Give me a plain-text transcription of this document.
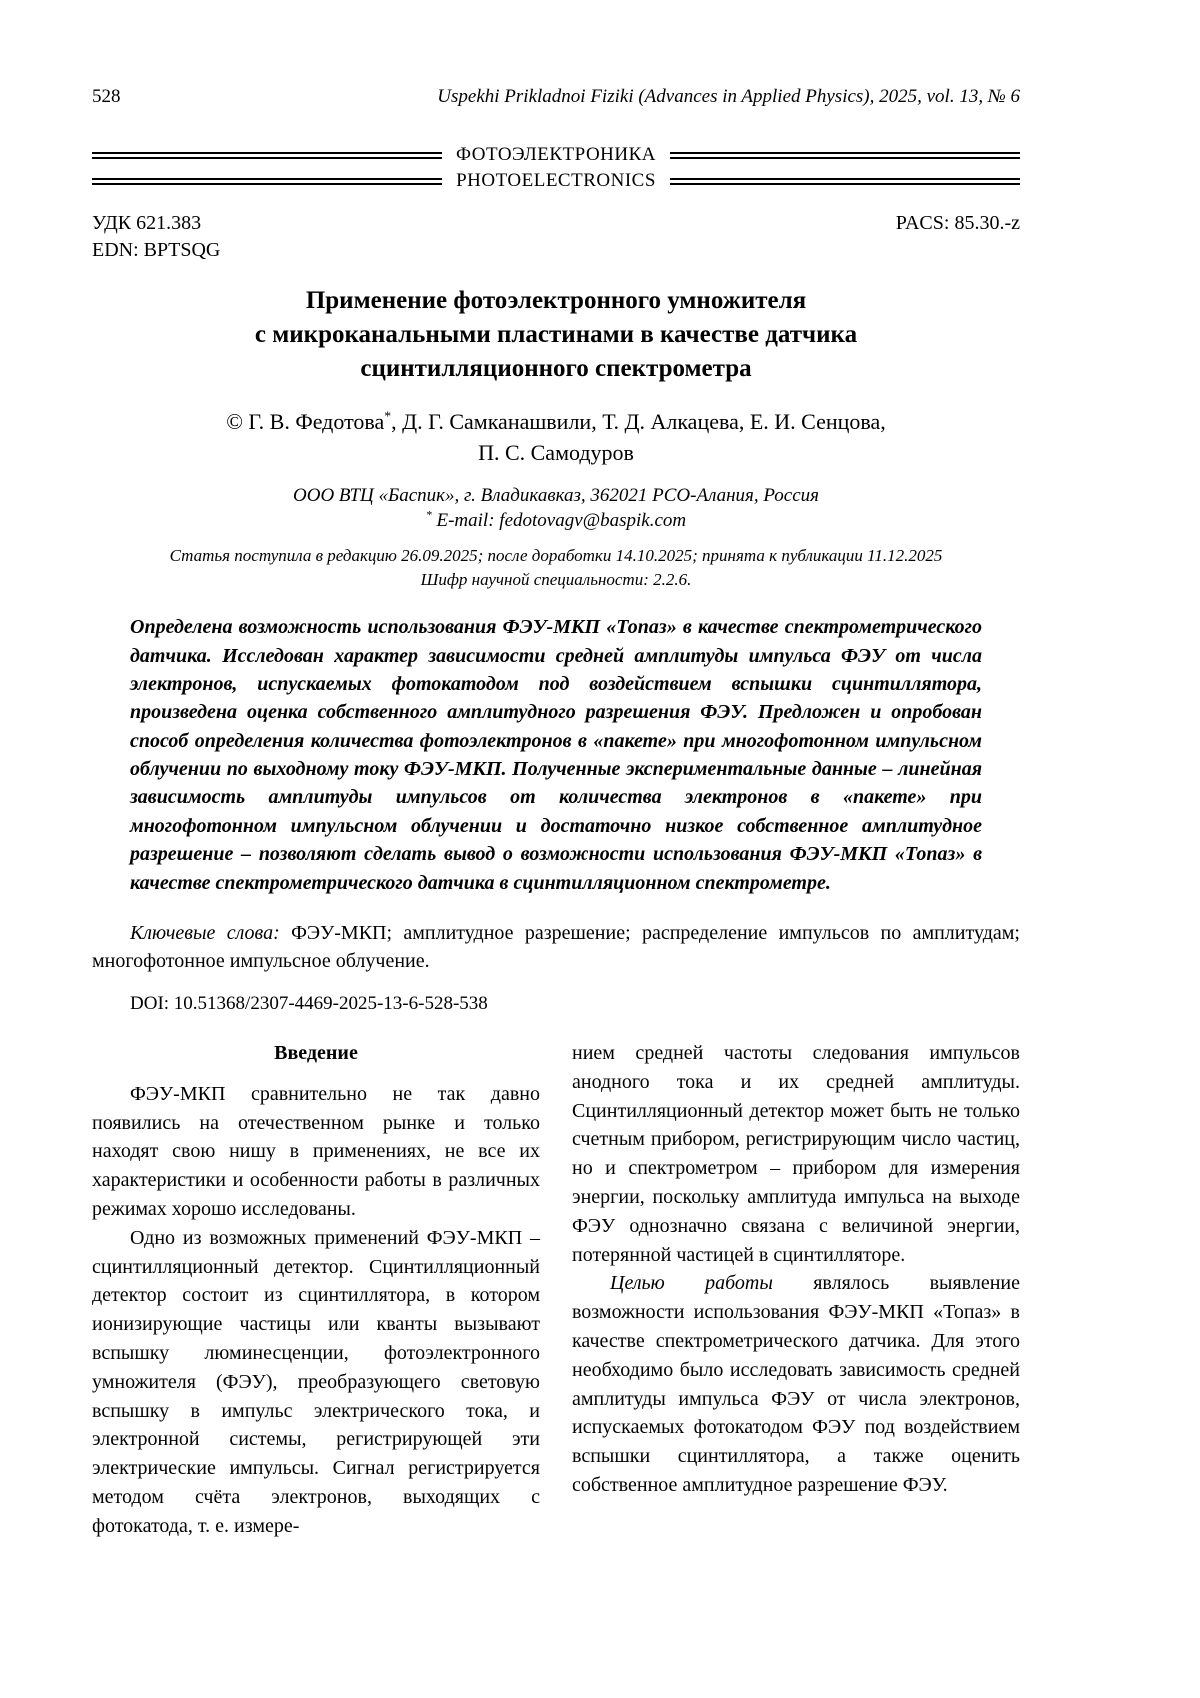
528	Uspekhi Prikladnoi Fiziki (Advances in Applied Physics), 2025, vol. 13, № 6
ФОТОЭЛЕКТРОНИКА
PHOTOELECTRONICS
УДК 621.383
EDN: BPTSQG
PACS: 85.30.-z
Применение фотоэлектронного умножителя
с микроканальными пластинами в качестве датчика
сцинтилляционного спектрометра
© Г. В. Федотова*, Д. Г. Самканашвили, Т. Д. Алкацева, Е. И. Сенцова,
П. С. Самодуров
ООО ВТЦ «Баспик», г. Владикавказ, 362021 РСО-Алания, Россия
* E-mail: fedotovagv@baspik.com
Статья поступила в редакцию 26.09.2025; после доработки 14.10.2025; принята к публикации 11.12.2025
Шифр научной специальности: 2.2.6.
Определена возможность использования ФЭУ-МКП «Топаз» в качестве спектрометрического датчика. Исследован характер зависимости средней амплитуды импульса ФЭУ от числа электронов, испускаемых фотокатодом под воздействием вспышки сцинтиллятора, произведена оценка собственного амплитудного разрешения ФЭУ. Предложен и опробован способ определения количества фотоэлектронов в «пакете» при многофотонном импульсном облучении по выходному току ФЭУ-МКП. Полученные экспериментальные данные – линейная зависимость амплитуды импульсов от количества электронов в «пакете» при многофотонном импульсном облучении и достаточно низкое собственное амплитудное разрешение – позволяют сделать вывод о возможности использования ФЭУ-МКП «Топаз» в качестве спектрометрического датчика в сцинтилляционном спектрометре.
Ключевые слова: ФЭУ-МКП; амплитудное разрешение; распределение импульсов по амплитудам; многофотонное импульсное облучение.
DOI: 10.51368/2307-4469-2025-13-6-528-538
Введение

ФЭУ-МКП сравнительно не так давно появились на отечественном рынке и только находят свою нишу в применениях, не все их характеристики и особенности работы в различных режимах хорошо исследованы.

Одно из возможных применений ФЭУ-МКП – сцинтилляционный детектор. Сцинтилляционный детектор состоит из сцинтиллятора, в котором ионизирующие частицы или кванты вызывают вспышку люминесценции, фотоэлектронного умножителя (ФЭУ), преобразующего световую вспышку в импульс электрического тока, и электронной системы, регистрирующей эти электрические импульсы. Сигнал регистрируется методом счёта электронов, выходящих с фотокатода, т. е. измере-

нием средней частоты следования импульсов анодного тока и их средней амплитуды. Сцинтилляционный детектор может быть не только счетным прибором, регистрирующим число частиц, но и спектрометром – прибором для измерения энергии, поскольку амплитуда импульса на выходе ФЭУ однозначно связана с величиной энергии, потерянной частицей в сцинтилляторе.

Целью работы являлось выявление возможности использования ФЭУ-МКП «Топаз» в качестве спектрометрического датчика. Для этого необходимо было исследовать зависимость средней амплитуды импульса ФЭУ от числа электронов, испускаемых фотокатодом ФЭУ под воздействием вспышки сцинтиллятора, а также оценить собственное амплитудное разрешение ФЭУ.
